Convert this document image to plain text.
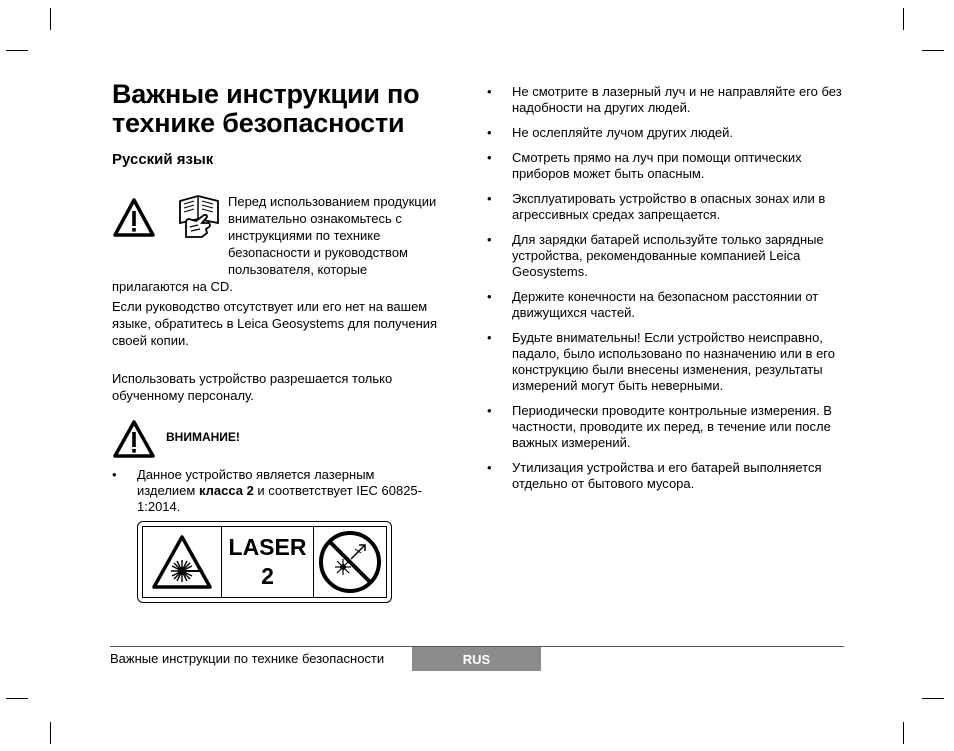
Важные инструкции по
технике безопасности
Русский язык
Перед использованием продукции
внимательно ознакомьтесь с
инструкциями по технике
безопасности и руководством
пользователя, которые

прилагаются на CD.

Если руководство отсутствует или его нет на вашем
языке, обратитесь в Leica Geosystems для получения
своей копии.

Использовать устройство разрешается только
обученному персоналу.

ВНИМАНИЕ!
• Данное устройство является лазерным изделием класса 2 и соответствует IEC 60825-1:2014.
LASER
2
• Не смотрите в лазерный луч и не направляйте его без надобности на других людей.
• Не ослепляйте лучом других людей.
• Смотреть прямо на луч при помощи оптических приборов может быть опасным.
• Эксплуатировать устройство в опасных зонах или в агрессивных средах запрещается.
• Для зарядки батарей используйте только зарядные устройства, рекомендованные компанией Leica Geosystems.
• Держите конечности на безопасном расстоянии от движущихся частей.
• Будьте внимательны! Если устройство неисправно, падало, было использовано по назначению или в его конструкцию были внесены изменения, результаты измерений могут быть неверными.
• Периодически проводите контрольные измерения. В частности, проводите их перед, в течение или после важных измерений.
• Утилизация устройства и его батарей выполняется отдельно от бытового мусора.
Важные инструкции по технике безопасности	RUS
